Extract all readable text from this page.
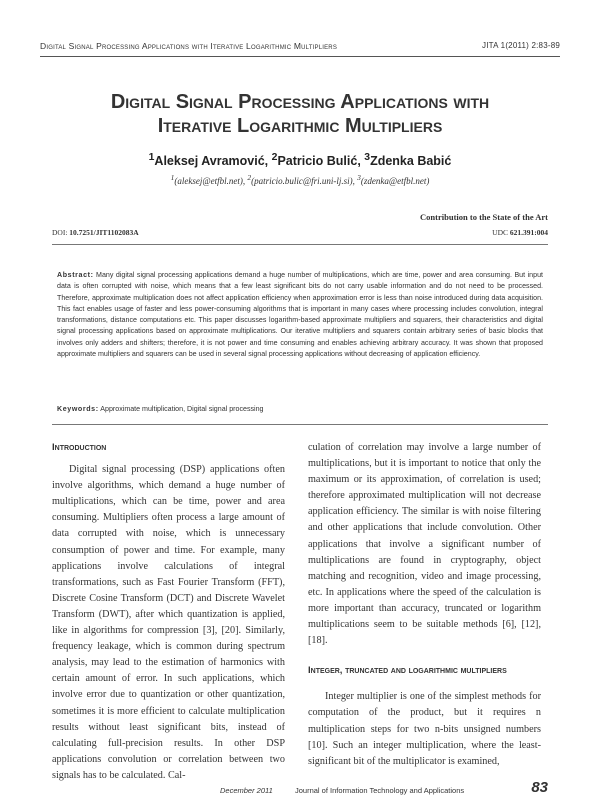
Digital Signal Processing Applications with Iterative Logarithmic Multipliers	JITA 1(2011) 2:83-89
Digital Signal Processing Applications with
Iterative Logarithmic Multipliers
$^1$Aleksej Avramović, $^2$Patricio Bulić, $^3$Zdenka Babić
$^1$(aleksej@etfbl.net), $^2$(patricio.bulic@fri.uni-lj.si), $^3$(zdenka@etfbl.net)
Contribution to the State of the Art
DOI: 10.7251/JIT1102083A	UDC 621.391:004
Abstract: Many digital signal processing applications demand a huge number of multiplications, which are time, power and area consuming. But input data is often corrupted with noise, which means that a few least significant bits do not carry usable information and do not need to be processed. Therefore, approximate multiplication does not affect application efficiency when approximation error is less than noise introduced during data acquisition. This fact enables usage of faster and less power-consuming algorithms that is important in many cases where processing includes convolution, integral transformations, distance computations etc. This paper discusses logarithm-based approximate multipliers and squarers, their characteristics and digital signal processing applications based on approximate multiplications. Our iterative multipliers and squarers contain arbitrary series of basic blocks that involves only adders and shifters; therefore, it is not power and time consuming and enables achieving arbitrary accuracy. It was shown that proposed approximate multipliers and squarers can be used in several signal processing applications without decreasing of application efficiency.
Keywords: Approximate multiplication, Digital signal processing
Introduction

Digital signal processing (DSP) applications often involve algorithms, which demand a huge number of multiplications, which can be time, power and area consuming. Multipliers often process a large amount of data corrupted with noise, which is unnecessary consumption of power and time. For example, many applications involve calculations of integral transformations, such as Fast Fourier Transform (FFT), Discrete Cosine Transform (DCT) and Discrete Wavelet Transform (DWT), after which quantization is applied, like in algorithms for compression [3], [20]. Similarly, frequency leakage, which is common during spectrum analysis, may lead to the estimation of harmonics with certain amount of error. In such applications, which involve error due to quantization or other quantization, sometimes it is more efficient to calculate multiplication results without least significant bits, instead of calculating full-precision results. In other DSP applications convolution or correlation between two signals has to be calculated. Cal-

culation of correlation may involve a large number of multiplications, but it is important to notice that only the maximum or its approximation, of correlation is used; therefore approximated multiplication will not decrease application efficiency. The similar is with noise filtering and other applications that include convolution. Other applications that involve a significant number of multiplications are found in cryptography, object matching and recognition, video and image processing, etc. In applications where the speed of the calculation is more important than accuracy, truncated or logarithm multiplications seem to be suitable methods [6], [12], [18].

Integer, truncated and logarithmic multipliers

Integer multiplier is one of the simplest methods for computation of the product, but it requires n multiplication steps for two n-bits unsigned numbers [10]. Such an integer multiplication, where the least-significant bit of the multiplicator is examined,

December 2011	Journal of Information Technology and Applications	83
